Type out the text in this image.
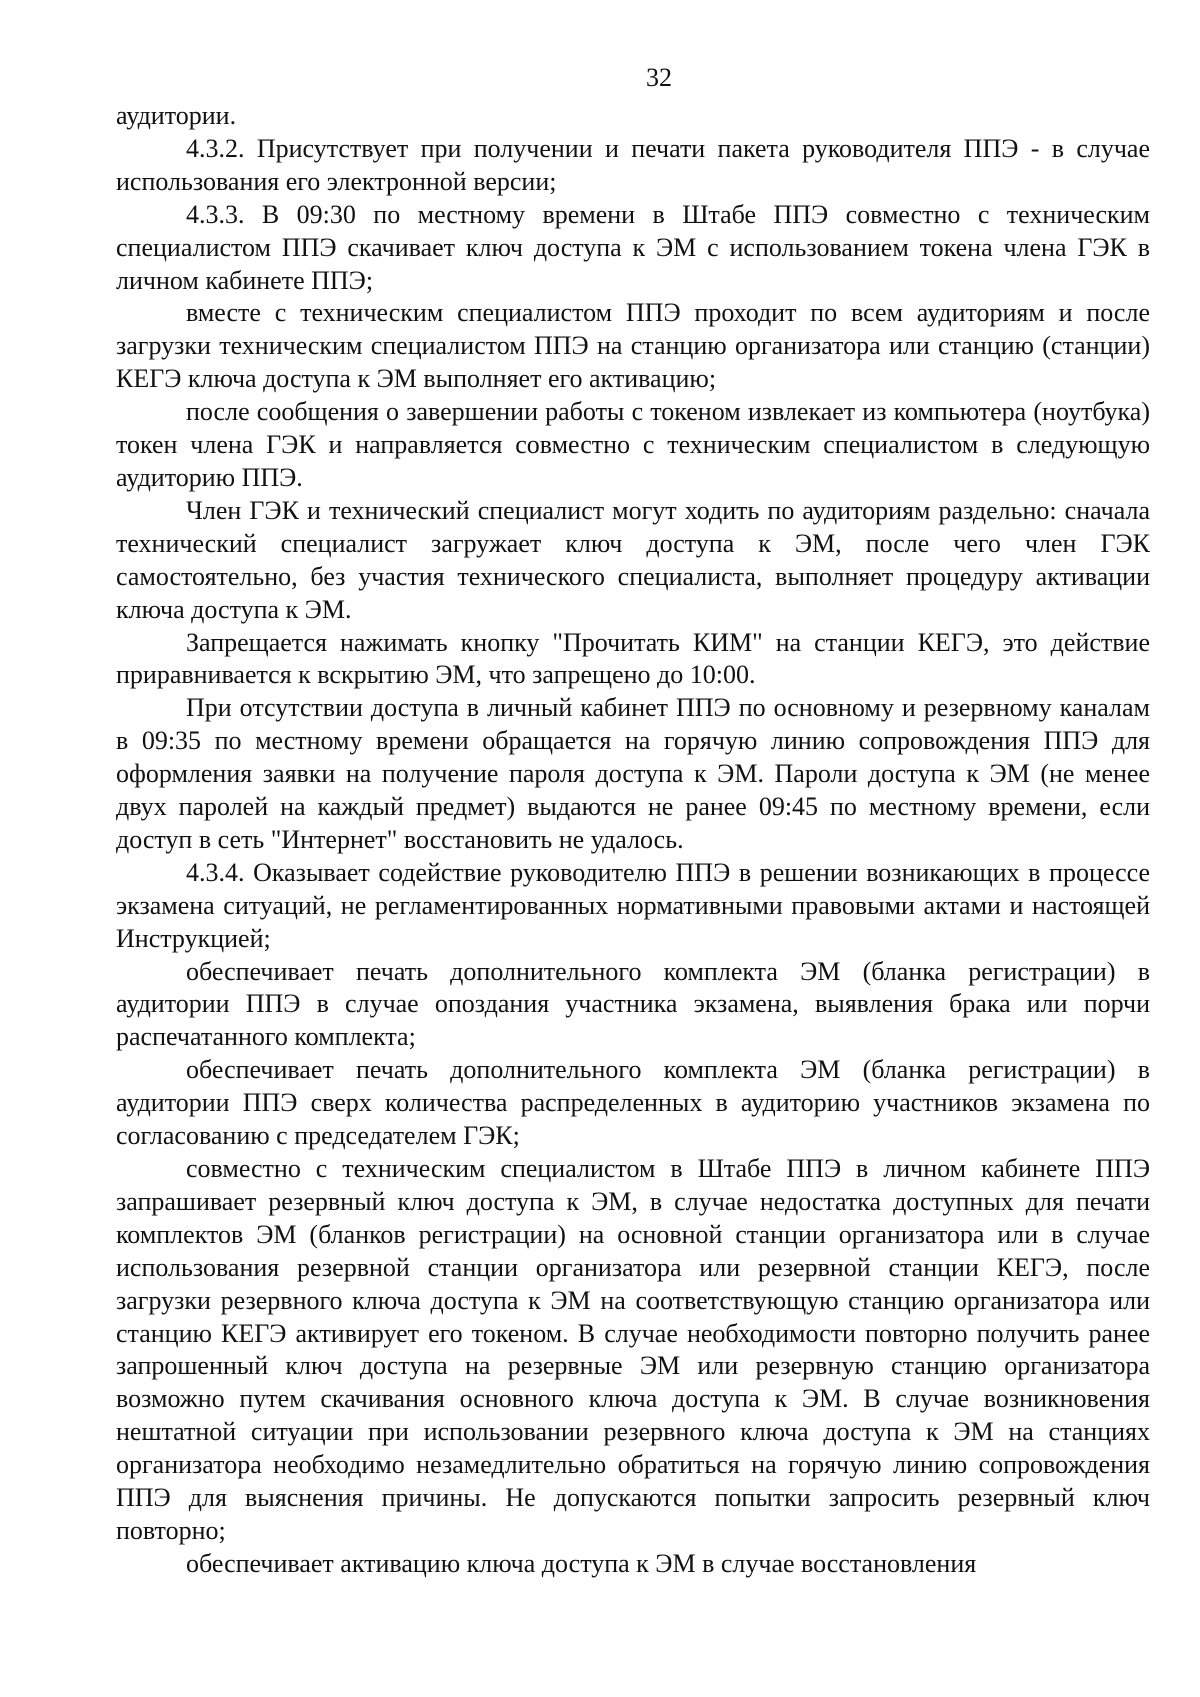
32

аудитории.

4.3.2. Присутствует при получении и печати пакета руководителя ППЭ - в случае использования его электронной версии;

4.3.3. В 09:30 по местному времени в Штабе ППЭ совместно с техническим специалистом ППЭ скачивает ключ доступа к ЭМ с использованием токена члена ГЭК в личном кабинете ППЭ;

вместе с техническим специалистом ППЭ проходит по всем аудиториям и после загрузки техническим специалистом ППЭ на станцию организатора или станцию (станции) КЕГЭ ключа доступа к ЭМ выполняет его активацию;

после сообщения о завершении работы с токеном извлекает из компьютера (ноутбука) токен члена ГЭК и направляется совместно с техническим специалистом в следующую аудиторию ППЭ.

Член ГЭК и технический специалист могут ходить по аудиториям раздельно: сначала технический специалист загружает ключ доступа к ЭМ, после чего член ГЭК самостоятельно, без участия технического специалиста, выполняет процедуру активации ключа доступа к ЭМ.

Запрещается нажимать кнопку "Прочитать КИМ" на станции КЕГЭ, это действие приравнивается к вскрытию ЭМ, что запрещено до 10:00.

При отсутствии доступа в личный кабинет ППЭ по основному и резервному каналам в 09:35 по местному времени обращается на горячую линию сопровождения ППЭ для оформления заявки на получение пароля доступа к ЭМ. Пароли доступа к ЭМ (не менее двух паролей на каждый предмет) выдаются не ранее 09:45 по местному времени, если доступ в сеть "Интернет" восстановить не удалось.

4.3.4. Оказывает содействие руководителю ППЭ в решении возникающих в процессе экзамена ситуаций, не регламентированных нормативными правовыми актами и настоящей Инструкцией;

обеспечивает печать дополнительного комплекта ЭМ (бланка регистрации) в аудитории ППЭ в случае опоздания участника экзамена, выявления брака или порчи распечатанного комплекта;

обеспечивает печать дополнительного комплекта ЭМ (бланка регистрации) в аудитории ППЭ сверх количества распределенных в аудиторию участников экзамена по согласованию с председателем ГЭК;

совместно с техническим специалистом в Штабе ППЭ в личном кабинете ППЭ запрашивает резервный ключ доступа к ЭМ, в случае недостатка доступных для печати комплектов ЭМ (бланков регистрации) на основной станции организатора или в случае использования резервной станции организатора или резервной станции КЕГЭ, после загрузки резервного ключа доступа к ЭМ на соответствующую станцию организатора или станцию КЕГЭ активирует его токеном. В случае необходимости повторно получить ранее запрошенный ключ доступа на резервные ЭМ или резервную станцию организатора возможно путем скачивания основного ключа доступа к ЭМ. В случае возникновения нештатной ситуации при использовании резервного ключа доступа к ЭМ на станциях организатора необходимо незамедлительно обратиться на горячую линию сопровождения ППЭ для выяснения причины. Не допускаются попытки запросить резервный ключ повторно;

обеспечивает активацию ключа доступа к ЭМ в случае восстановления
